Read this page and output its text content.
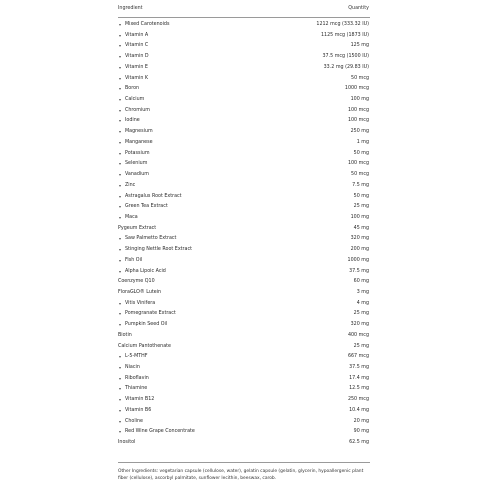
Ingredient	Quantity
▾ Mixed Carotenoids	1212 mcg (333.32 IU)
▾ Vitamin A	1125 mcg (1873 IU)
▾ Vitamin C	125 mg
▾ Vitamin D	37.5 mcg (1500 IU)
▾ Vitamin E	33.2 mg (29.83 IU)
▾ Vitamin K	50 mcg
▾ Boron	1000 mcg
▾ Calcium	100 mg
▾ Chromium	100 mcg
▾ Iodine	100 mcg
▾ Magnesium	250 mg
▾ Manganese	1 mg
▾ Potassium	50 mg
▾ Selenium	100 mcg
▾ Vanadium	50 mcg
▾ Zinc	7.5 mg
▾ Astragalus Root Extract	50 mg
▾ Green Tea Extract	25 mg
▾ Maca	100 mg
Pygeum Extract	45 mg
▾ Saw Palmetto Extract	320 mg
▾ Stinging Nettle Root Extract	200 mg
▾ Fish Oil	1000 mg
▾ Alpha Lipoic Acid	37.5 mg
Coenzyme Q10	60 mg
FloraGLO® Lutein	3 mg
▾ Vitis Vinifera	4 mg
▾ Pomegranate Extract	25 mg
▾ Pumpkin Seed Oil	320 mg
Biotin	400 mcg
Calcium Pantothenate	25 mg
▾ L-5-MTHF	667 mcg
▾ Niacin	37.5 mg
▾ Riboflavin	17.4 mg
▾ Thiamine	12.5 mg
▾ Vitamin B12	250 mcg
▾ Vitamin B6	10.4 mg
▾ Choline	20 mg
▾ Red Wine Grape Concentrate	90 mg
Inositol	62.5 mg
Other Ingredients: vegetarian capsule (cellulose, water), gelatin capsule (gelatin, glycerin, hypoallergenic plant fiber (cellulose), ascorbyl palmitate, sunflower lecithin, beeswax, carob.
